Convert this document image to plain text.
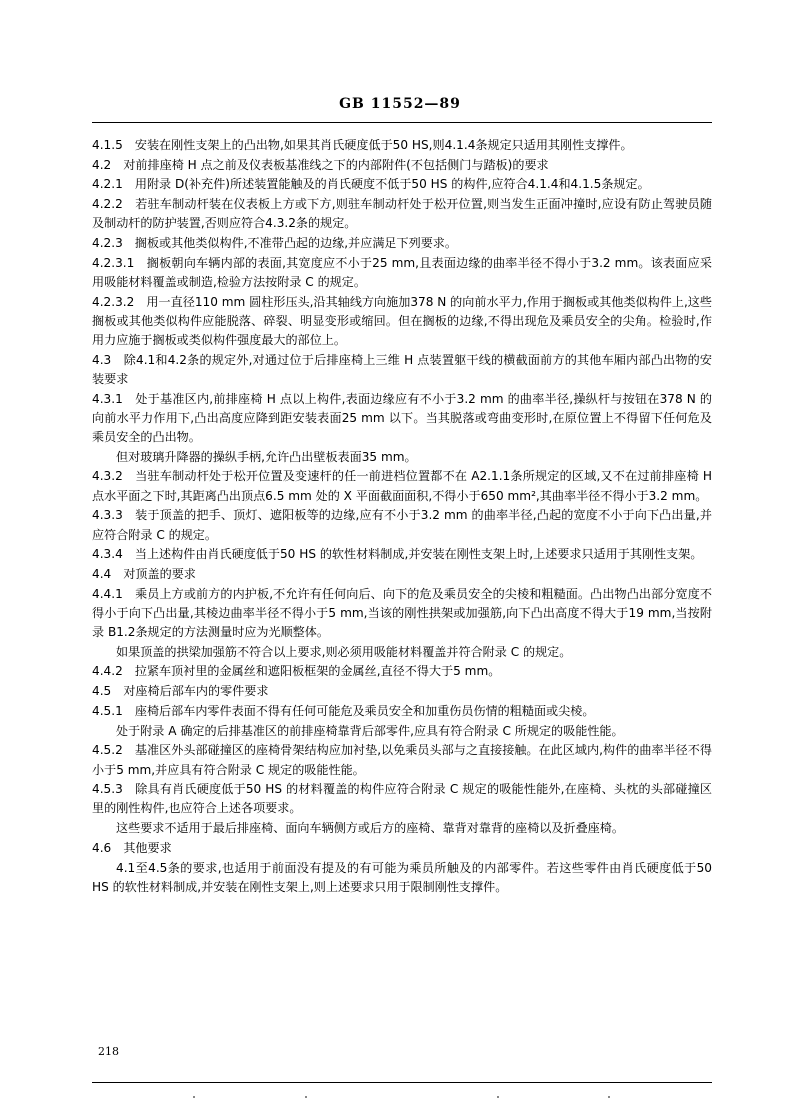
GB 11552—89

4.1.5　安装在刚性支架上的凸出物,如果其肖氏硬度低于50 HS,则4.1.4条规定只适用其刚性支撑件。

4.2　对前排座椅 H 点之前及仪表板基准线之下的内部附件(不包括侧门与踏板)的要求

4.2.1　用附录 D(补充件)所述装置能触及的肖氏硬度不低于50 HS 的构件,应符合4.1.4和4.1.5条规定。

4.2.2　若驻车制动杆装在仪表板上方或下方,则驻车制动杆处于松开位置,则当发生正面冲撞时,应设有防止驾驶员随及制动杆的防护装置,否则应符合4.3.2条的规定。

4.2.3　搁板或其他类似构件,不准带凸起的边缘,并应满足下列要求。

4.2.3.1　搁板朝向车辆内部的表面,其宽度应不小于25 mm,且表面边缘的曲率半径不得小于3.2 mm。该表面应采用吸能材料覆盖或制造,检验方法按附录 C 的规定。

4.2.3.2　用一直径110 mm 圆柱形压头,沿其轴线方向施加378 N 的向前水平力,作用于搁板或其他类似构件上,这些搁板或其他类似构件应能脱落、碎裂、明显变形或缩回。但在搁板的边缘,不得出现危及乘员安全的尖角。检验时,作用力应施于搁板或类似构件强度最大的部位上。

4.3　除4.1和4.2条的规定外,对通过位于后排座椅上三维 H 点装置躯干线的横截面前方的其他车厢内部凸出物的安装要求

4.3.1　处于基准区内,前排座椅 H 点以上构件,表面边缘应有不小于3.2 mm 的曲率半径,操纵杆与按钮在378 N 的向前水平力作用下,凸出高度应降到距安装表面25 mm 以下。当其脱落或弯曲变形时,在原位置上不得留下任何危及乘员安全的凸出物。

但对玻璃升降器的操纵手柄,允许凸出壁板表面35 mm。

4.3.2　当驻车制动杆处于松开位置及变速杆的任一前进档位置都不在 A2.1.1条所规定的区域,又不在过前排座椅 H 点水平面之下时,其距离凸出顶点6.5 mm 处的 X 平面截面面积,不得小于650 mm²,其曲率半径不得小于3.2 mm。

4.3.3　装于顶盖的把手、顶灯、遮阳板等的边缘,应有不小于3.2 mm 的曲率半径,凸起的宽度不小于向下凸出量,并应符合附录 C 的规定。

4.3.4　当上述构件由肖氏硬度低于50 HS 的软性材料制成,并安装在刚性支架上时,上述要求只适用于其刚性支架。

4.4　对顶盖的要求

4.4.1　乘员上方或前方的内护板,不允许有任何向后、向下的危及乘员安全的尖棱和粗糙面。凸出物凸出部分宽度不得小于向下凸出量,其棱边曲率半径不得小于5 mm,当该的刚性拱架或加强筋,向下凸出高度不得大于19 mm,当按附录 B1.2条规定的方法测量时应为光顺整体。

如果顶盖的拱梁加强筋不符合以上要求,则必须用吸能材料覆盖并符合附录 C 的规定。

4.4.2　拉紧车顶衬里的金属丝和遮阳板框架的金属丝,直径不得大于5 mm。

4.5　对座椅后部车内的零件要求

4.5.1　座椅后部车内零件表面不得有任何可能危及乘员安全和加重伤员伤情的粗糙面或尖棱。

处于附录 A 确定的后排基准区的前排座椅靠背后部零件,应具有符合附录 C 所规定的吸能性能。

4.5.2　基准区外头部碰撞区的座椅骨架结构应加衬垫,以免乘员头部与之直接接触。在此区域内,构件的曲率半径不得小于5 mm,并应具有符合附录 C 规定的吸能性能。

4.5.3　除具有肖氏硬度低于50 HS 的材料覆盖的构件应符合附录 C 规定的吸能性能外,在座椅、头枕的头部碰撞区里的刚性构件,也应符合上述各项要求。

这些要求不适用于最后排座椅、面向车辆侧方或后方的座椅、靠背对靠背的座椅以及折叠座椅。

4.6　其他要求

4.1至4.5条的要求,也适用于前面没有提及的有可能为乘员所触及的内部零件。若这些零件由肖氏硬度低于50 HS 的软性材料制成,并安装在刚性支架上,则上述要求只用于限制刚性支撑件。

218
